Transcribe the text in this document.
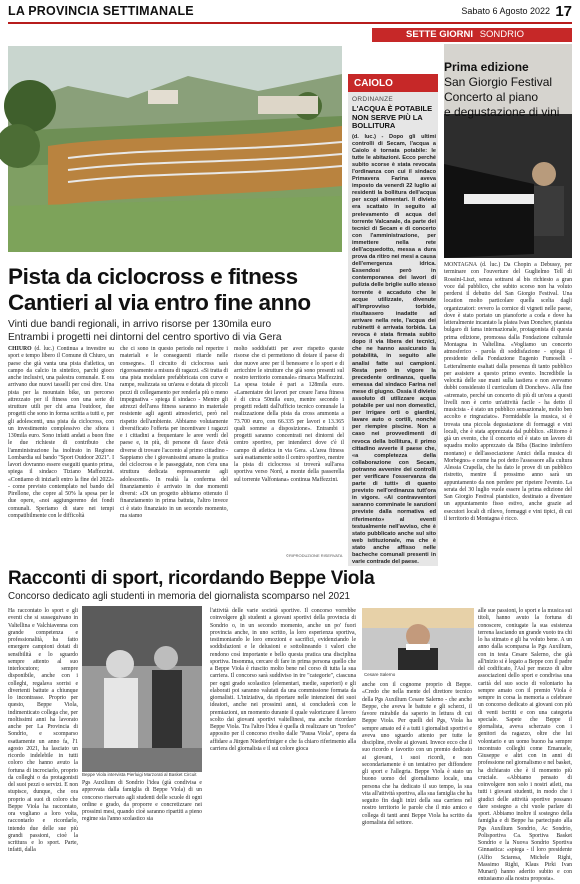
LA PROVINCIA SETTIMANALE	Sabato 6 Agosto 2022 17
SETTE GIORNI SONDRIO
CAIOLO
ORDINANZE
L'ACQUA È POTABILE NON SERVE PIÙ LA BOLLITURA
(d. luc.) - Dopo gli ultimi controlli di Secam, l'acqua a Caiolo è tornata potabile: le tutte le abitazioni. Ecco perché subito scorse è stata revocata l'ordinanza con cui il sindaco Primavera Farina aveva imposto da venerdì 22 luglio ai residenti la bollitura dell'acqua per scopi alimentari. Il divieto era scattato in seguito al prelevamento di acqua del torrente Valcanale, da parte dei tecnici di Secam e di concerto con l'amministrazione, per immettere nella rete dell'acquedotto, messa a dura prova da ritiro nei mesi a causa dell'emergenza idrica. Essendosi però in contemporanea dei lavori di pulizia delle briglie sullo stesso torrente è accaduto che le acque utilizzate, divenute all'improvviso torbide, risultassero inadatte ad arrivare nella rete, l'acqua dei rubinetti è arrivata torbida. La revoca è stata firmata subito dopo il via libera dei tecnici, che ne hanno assicurato la potabilità, in seguito alle analisi fatte sui campioni. Resta però in vigore la precedente ordinanza, quella emessa dal sindaco Farina nel mese di giugno. Ossia il divieto assoluto di utilizzare acqua potabile per usi non domestici, per irrigare orti o giardini, lavare auto o cortili, nonché per riempire piscine. Non a caso nei provvedimenti di revoca della bollitura, il primo cittadino avverte il paese che, «a completezza della collaborazione con Secam, potranno avvenire dei controlli per verificare l'osservanza da parte di tutti» di quanto previsto nell'ordinanza tutt'ora in vigore. «Ai contravventori saranno comminate le sanzioni previste dalla normativa ed riferimento» al eventi testualmente nell'avviso, che è stato pubblicato anche sul sito web istituzionale, ma che è stato anche affisso nelle bacheche comunali presenti in varie contrade del paese.
Prima edizione
San Giorgio Festival
Concerto al piano
e degustazione di vini
MONTAGNA (d. luc.) Da Chopin a Debussy, per terminare con l'ouverture del Guglielmo Tell di Rossini-Liszt, senza sottrarsi al bis richiesto a gran voce dal pubblico, che subito scorso non ha voluto perdersi il debutto del San Giorgio Festival. Una location molto particolare quella scelta dagli organizzatori: ovvero la cornice di vigneti nelle paese, dove è stato portato un pianoforte a coda e dove ha letteralmente incantato la platea Ivan Donchev, pianista bulgaro di fama internazionale, protagonista di questa prima edizione, promossa dalla Fondazione culturale Montagna in Valtellina. «Vogliamo un concerto atmosferico - parola di soddisfazione - spiega il presidente della Fondazione Eugenio Fumoselli - Letteralmente esaltati dalla presenza di tanto pubblico per assistere a questo primo evento. Incredibile la velocità delle sue mani sulla tastiera e non avevamo dubbi considerato il curriculum di Donchev». Alla fine «stremato, perché un concerto di più di un'ora a questi livelli non è certo un'attività facile - ha detto il musicista - è stato un pubblico sensazionale, molto ben accolto e ringraziato». Formidabile la musica, si è trovata una piccola degustazione di formaggi e vini locali, che è stata apprezzata dal pubblico. «Ritorno è già un evento, che il concerto ed è stato un lavoro di squadra molto apprezzato da Biba (Bacino imbrifero montano) e dell'associazione Amici della musica di Morbegno» e come ha poi detto l'assessore alla cultura Alessia Crapella, che ha dato le prove di un pubblico ristretto, mentre il prossimo anno sarà un appuntamento da non perdere per ripetere l'evento. La serata del 30 luglio vuole essere la prima edizione del San Giorgio Festival pianistico, destinato a diventare un appuntamento fisso estivo, anche grazie ad esecutori locali di rilievo, formaggi e vini tipici, di cui il territorio di Montagna è ricco.
Pista da ciclocross e fitness
Cantieri al via entro fine anno
Vinti due bandi regionali, in arrivo risorse per 130mila euro
Entrambi i progetti nei dintorni del centro sportivo di via Gera
CHIURO (d. luc.) Continua a investire su sport e tempo libero il Comune di Chiuro, un paese che già vanta una pista d'atletica, un campo da calcio in sintetico, parchi gioco anche inclusivi, una palestra comunale. E ora arrivano due nuovi tasselli per così dire. Una pista per la mountain bike, un percorso attrezzato per il fitness con una serie di strutture utili per chi ama l'outdoor, due progetti che sono in forma scritta a tutti e, per gli adolescenti, una pista da ciclocross, con un investimento complessivo che sfiora i 130mila euro. Sono infatti andati a buon fine le due richieste di contributo che l'amministrazione ha inoltrato in Regione Lombardia sul bando "Sport Outdoor 2021". I lavori dovranno essere eseguiti quanto prima, spiega il sindaco Tiziano Maffezzini. «Contiamo di iniziarli entro la fine del 2022» - come previsto contemplato nel bando del Pirellone, che copre al 50% la spesa per le due opere, «noi aggiungeremo dei fondi comunali. Speriamo di stare nei tempi compatibilmente con le difficoltà
che ci sono in questo periodo nel reperire i materiali e le conseguenti ritarde nelle consegne». Il circuito di ciclocross sarà rigorosamente a misura di ragazzi. «Si tratta di una pista modulare prefabbricata con curve e rampe, realizzata su un'area e dotata di piccoli pezzi di collegamento per renderla più o meno impegnativa - spiega il sindaco - Mentre gli attrezzi dell'area fitness saranno in materiale resistente agli agenti atmosferici, però nel rispetto dell'ambiente. Abbiamo volutamente diversificato l'offerta per incentivare i ragazzi e i cittadini a frequentare le aree verdi del paese e, in più, di persone di fasce d'età diverse di trovare l'accento al primo cittadino - Sappiamo che i giovanissimi amano la pratica del ciclocross e le passeggiate, non c'era una struttura dedicata espressamente agli adolescenti». In realtà la conferma del finanziamento è arrivato in due momenti diversi: «Di un progetto abbiamo ottenuto il finanziamento in prima battuta, l'altro invece ci è stato finanziato in un secondo momento, ma siamo
molto soddisfatti per aver rispetto queste risorse che ci permettono di dotare il paese di due nuove aree per il benessere e lo sport e di arricchire le strutture che già sono presenti sul nostro territorio comunale» rimarca Maffezzini. La spesa totale è pari a 128mila euro. «Lamentatre dei lavori per creare l'area fitness è di circa 50mila euro, mentre secondo i progetti redatti dall'ufficio tecnico comunale la realizzazione della pista da cross ammonta a 73.700 euro, con 66.335 per lavori e 13.365 quali somme a disposizione». Entrambi i progetti saranno concentrati nei dintorni del centro sportivo, per intenderci dove c'è il campo di atletica in via Gera. «L'area fitness sarà esattamente sotto il centro sportivo, mentre la pista di ciclocross si troverà sull'area sportiva verso Nord, a monte della passerella sul torrente Valfontana» continua Maffezzini.
©RIPRODUZIONE RISERVATA
Racconti di sport, ricordando Beppe Viola
Concorso dedicato agli studenti in memoria del giornalista scomparso nel 2021
Ha raccontato lo sport e gli eventi che si susseguivano in Valtellina e Valchiavenna con grande competenza e professionalità, ha fatto emergere campioni dotati di sensibilità e lo sguardo sempre attento al suo interlocutore; sempre disponibile, anche con i colleghi, regalava sorrisi e divertenti battute a chiunque lo incontrasse. Proprio per questo, Beppe Viola, indimenticato collega che, per moltissimi anni ha lavorato anche per La Provincia di Sondrio, e scomparso esattamente un anno fa, l'1 agosto 2021, ha lasciato un ricordo indelebile in tutti coloro che hanno avuto la fortuna di incrociarlo, proprio da colleghi o da protagonisti del suoi pezzi o servizi. E non stupisce, dunque, che ora proprio ai suoi di coloro che Beppe Viola ha raccontato, ora vogliano a loro volta, raccontarlo e ricordarlo, intendo due delle sue più grandi passioni, cioè la scrittura e lo sport. Parte, infatti, dalla
Beppe Viola intervista Pierluigi Marzorati al Basket Circuit
Pgs Auxilium di Sondrio l'idea (già condivisa e approvata dalla famiglia di Beppe Viola) di un concorso riservato agli studenti delle scuole di ogni ordine e grado, da proporre e concretizzare nei prossimi mesi, quando cioè saranno ripartiti a pieno regime sia l'anno scolastico sia
l'attività delle varie società sportive. Il concorso vorrebbe coinvolgere gli studenti a giovani sportivi della provincia di Sondrio o, in un secondo momento, anche un po' fuori provincia anche, in uno scritto, la loro esperienza sportiva, testimoniando le loro emozioni e sacrifici, evidenziando le soddisfazioni e le delusioni e sottolineando i valori che rendono così importante e bello questa pratica una disciplina sportiva. Insomma, cercare di fare in prima persona quello che a Beppe Viola è riuscito molto bene nel corso di tutta la sua carriera. Il concorso sarà suddiviso in tre "categorie", ciascuna per ogni grado scolastico (elementari, medie, superiori) e gli elaborati poi saranno valutati da una commissione formata da giornalisti. L'iniziativa, da riportare nelle intenzioni dei suoi ideatori, anche nei prossimi anni, si concluderà con le premiazioni, un momento durante il quale valorizzare il lavoro scolto dai giovani sportivi valtellinesi, ma anche ricordare Beppe Viola. Tra l'altro l'idea è quella di realizzare un "trofeo" apposito per il concorso rivolto dalle "Pausa Viola", opera da affidare a Jürgen Niederfriniger e che fa chiaro riferimento alla carriera del giornalista e il sui colore gioca
Cesare Salerno
anche con il cognome proprio di Beppe. «Credo che nella mente del direttore tecnico della Pgs Auxilium Cesare Salerno - che anche Beppe, che aveva le battute e gli scherzi, il favore mirabile da saperio in lettura di cui Beppe Viola. Per quelli del Pgs, Viola ha sempre amato ed è a tutti i giornalisti sportivi e aveva uno sguardo attento per tutte le discipline, rivolte ai giovani. Invece ecco che il suo ricordo e favorito con un premio dedicato ai giovani, i suoi ricordi, e non secondariamente è un tentativo per diffondere gli sport e l'allegria. Beppe Viola è stato un buono uomo del giornalismo locale, una persona che ha dedicato il suo tempo, la sua vita all'attività sportiva, alla sua famiglia che ha seguito fin dagli inizi della sua carriera nel nostro territorio le parole che il mio amico e collega di tanti anni Beppe Viola ha scritto da giornalista del settore.
alle sue passioni, lo sport e la musica sui titoli, hanno avuto la fortuna di conoscere, coniugate la sua esistenza terrena lasciando un grande vuoto tra chi lo ha stimato e gli ha voluto bene. A un anno dalla scomparsa la Pgs Auxilium, con in testa Cesare Salerno, che già all'inizio si è legato a Beppe con il padre del codificato, l'Asl per mezzo di altre associazioni dello sport e condivisa una carità del suo socio di volontario ha sempre amato con il premio Viola è sempre in corsa la memoria a celebrare un concorso dedicato ai giovani con più di venti iscritti e con una categoria speciale. Sapete che Beppe il giornalista, aveva scherzato con i genitori da ragazzo, oltre che lui volontario e un uomo buono ha sempre incontrato colleghi come Emanuele, Giuseppe e altri con in anni di professione nel giornalismo e nel basket, ha dichiarato che è il momento più cruciale. «Abbiamo pensato di coinvolgere non solo i nostri atleti, ma tutti i giovani studenti, in modo che i giudici delle attività sportive possano dare sostegno a chi vuole parlare di sport. Abbiamo inoltre il sostegno della famiglia e di Beppe ha partecipato alla Pgs Auxilium Sondrio, Ac Sondrio, Polisportiva Ca. Sportiva Basket Sondrio e la Nuova Sondrio Sportiva Ginnastica: «spiega - il loro presidente (Alfio Sciaresa, Michele Righi, Massimo Righi, Klaus Pirki Ivan Munari) hanno aderito subito e con entusiasmo alla nostra proposta».
